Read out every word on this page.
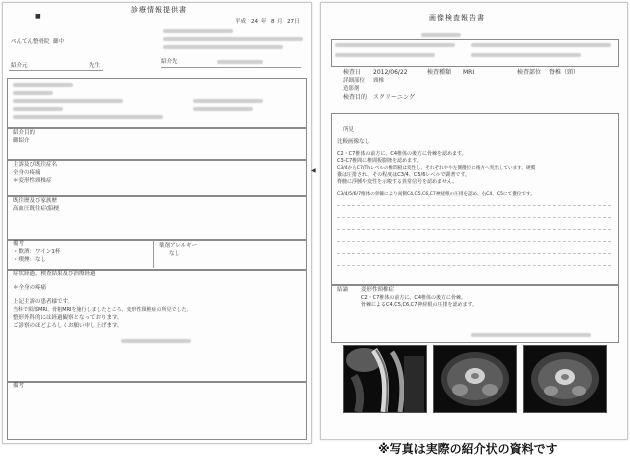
■
診療情報提供書
平成 24 年 8 月 27日
ぺんてん整骨院 御中
先生
紹介元
紹介先
紹介目的
御紹介
主訴及び既往症名
全身の疼痛
＊変形性頸椎症
既往歴及び家族歴
高血圧既往症(脳梗
備考
・飲酒：ワイン1杯
・喫煙：なし
薬剤アレルギー
なし
症状経過、検査結果及び治療経過
＊全身の疼痛
上記主訴の患者様です。
当科で頸部MRI、骨粗MRIを施行しましたところ、変形性頸椎症の所見でした。
整形外科的には経過観察となっております。
ご診察のほどよろしくお願い申し上げます。
備考
◀
画像検査報告書
検査日 2012/06/22	検査種類 MRI	検査部位 脊椎（頸）
詳細部位 頸椎
造影剤
検査目的 スクリーニング
所見
比較画像なし
C2・C7椎体の前方に、C4椎体の後方に骨棘を認めます。
C3-C7椎間に椎間板膨隆を認めます。
C3/4からC7/Thレベルの椎間板は変性し、それぞれやや左側優位に後方へ突出しています。硬膜
嚢は圧排され、その程度はC3/4、C5/6レベルで顕著です。
脊髄に浮腫や変性を示唆する異常信号を認めません。
C3/4/5/6/7椎体の骨棘により両側C4,C5,C6,C7神経根の圧排を認め、右C4、C5にて優位です。
結論 変形性頸椎症
C2・C7椎体の前方に、C4椎体の後方に骨棘。
骨棘によるC4,C5,C6,C7神経根の圧排を認めます。
※写真は実際の紹介状の資料です
